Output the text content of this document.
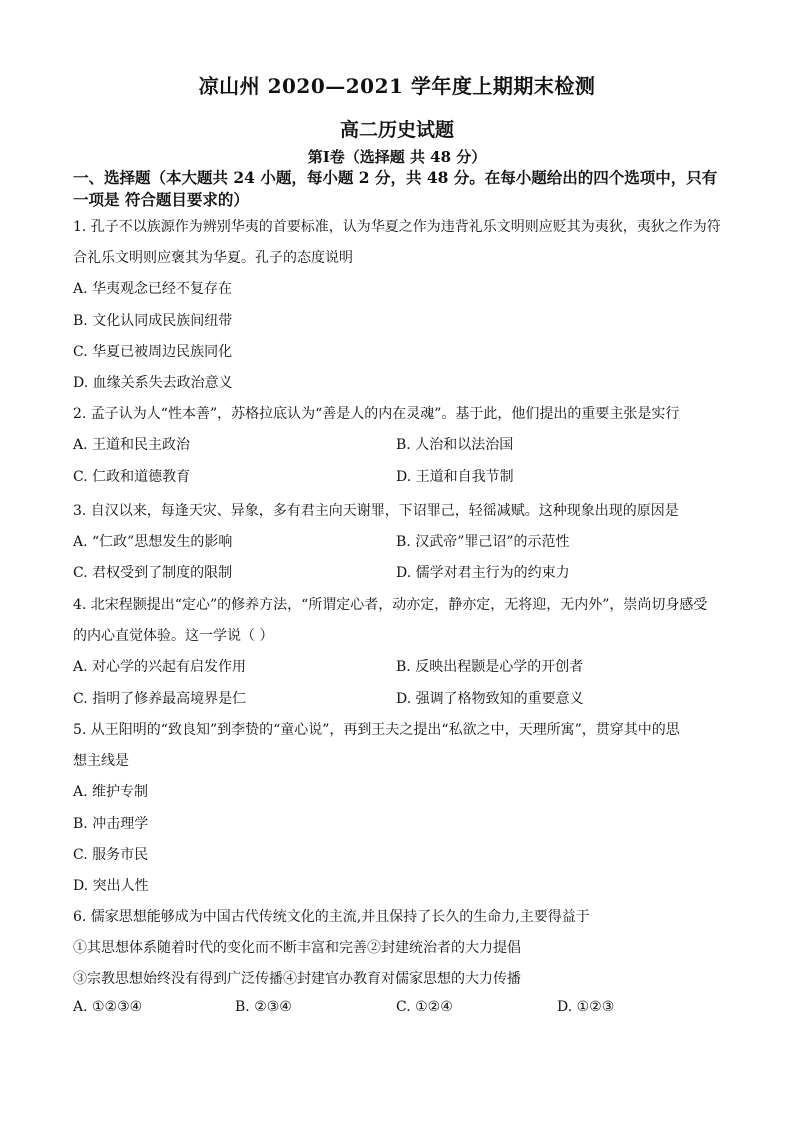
凉山州 2020—2021 学年度上期期末检测
高二历史试题
第Ⅰ卷（选择题 共 48 分）
一、选择题（本大题共 24 小题，每小题 2 分，共 48 分。在每小题给出的四个选项中，只有一项是 符合题目要求的）
1. 孔子不以族源作为辨别华夷的首要标准，认为华夏之作为违背礼乐文明则应贬其为夷狄，夷狄之作为符
合礼乐文明则应褒其为华夏。孔子的态度说明
A. 华夷观念已经不复存在
B. 文化认同成民族间纽带
C. 华夏已被周边民族同化
D. 血缘关系失去政治意义
2. 孟子认为人“性本善”，苏格拉底认为“善是人的内在灵魂”。基于此，他们提出的重要主张是实行
A. 王道和民主政治	B. 人治和以法治国
C. 仁政和道德教育	D. 王道和自我节制
3. 自汉以来，每逢天灾、异象，多有君主向天谢罪，下诏罪己，轻徭减赋。这种现象出现的原因是
A. “仁政”思想发生的影响	B. 汉武帝”罪己诏”的示范性
C. 君权受到了制度的限制	D. 儒学对君主行为的约束力
4. 北宋程颢提出“定心”的修养方法，“所谓定心者，动亦定，静亦定，无将迎，无内外”，崇尚切身感受
的内心直觉体验。这一学说（ ）
A. 对心学的兴起有启发作用	B. 反映出程颢是心学的开创者
C. 指明了修养最高境界是仁	D. 强调了格物致知的重要意义
5. 从王阳明的“致良知”到李贽的“童心说”，再到王夫之提出“私欲之中，天理所寓”，贯穿其中的思
想主线是
A. 维护专制
B. 冲击理学
C. 服务市民
D. 突出人性
6. 儒家思想能够成为中国古代传统文化的主流,并且保持了长久的生命力,主要得益于
①其思想体系随着时代的变化而不断丰富和完善②封建统治者的大力提倡
③宗教思想始终没有得到广泛传播④封建官办教育对儒家思想的大力传播
A. ①②③④	B. ②③④	C. ①②④	D. ①②③
